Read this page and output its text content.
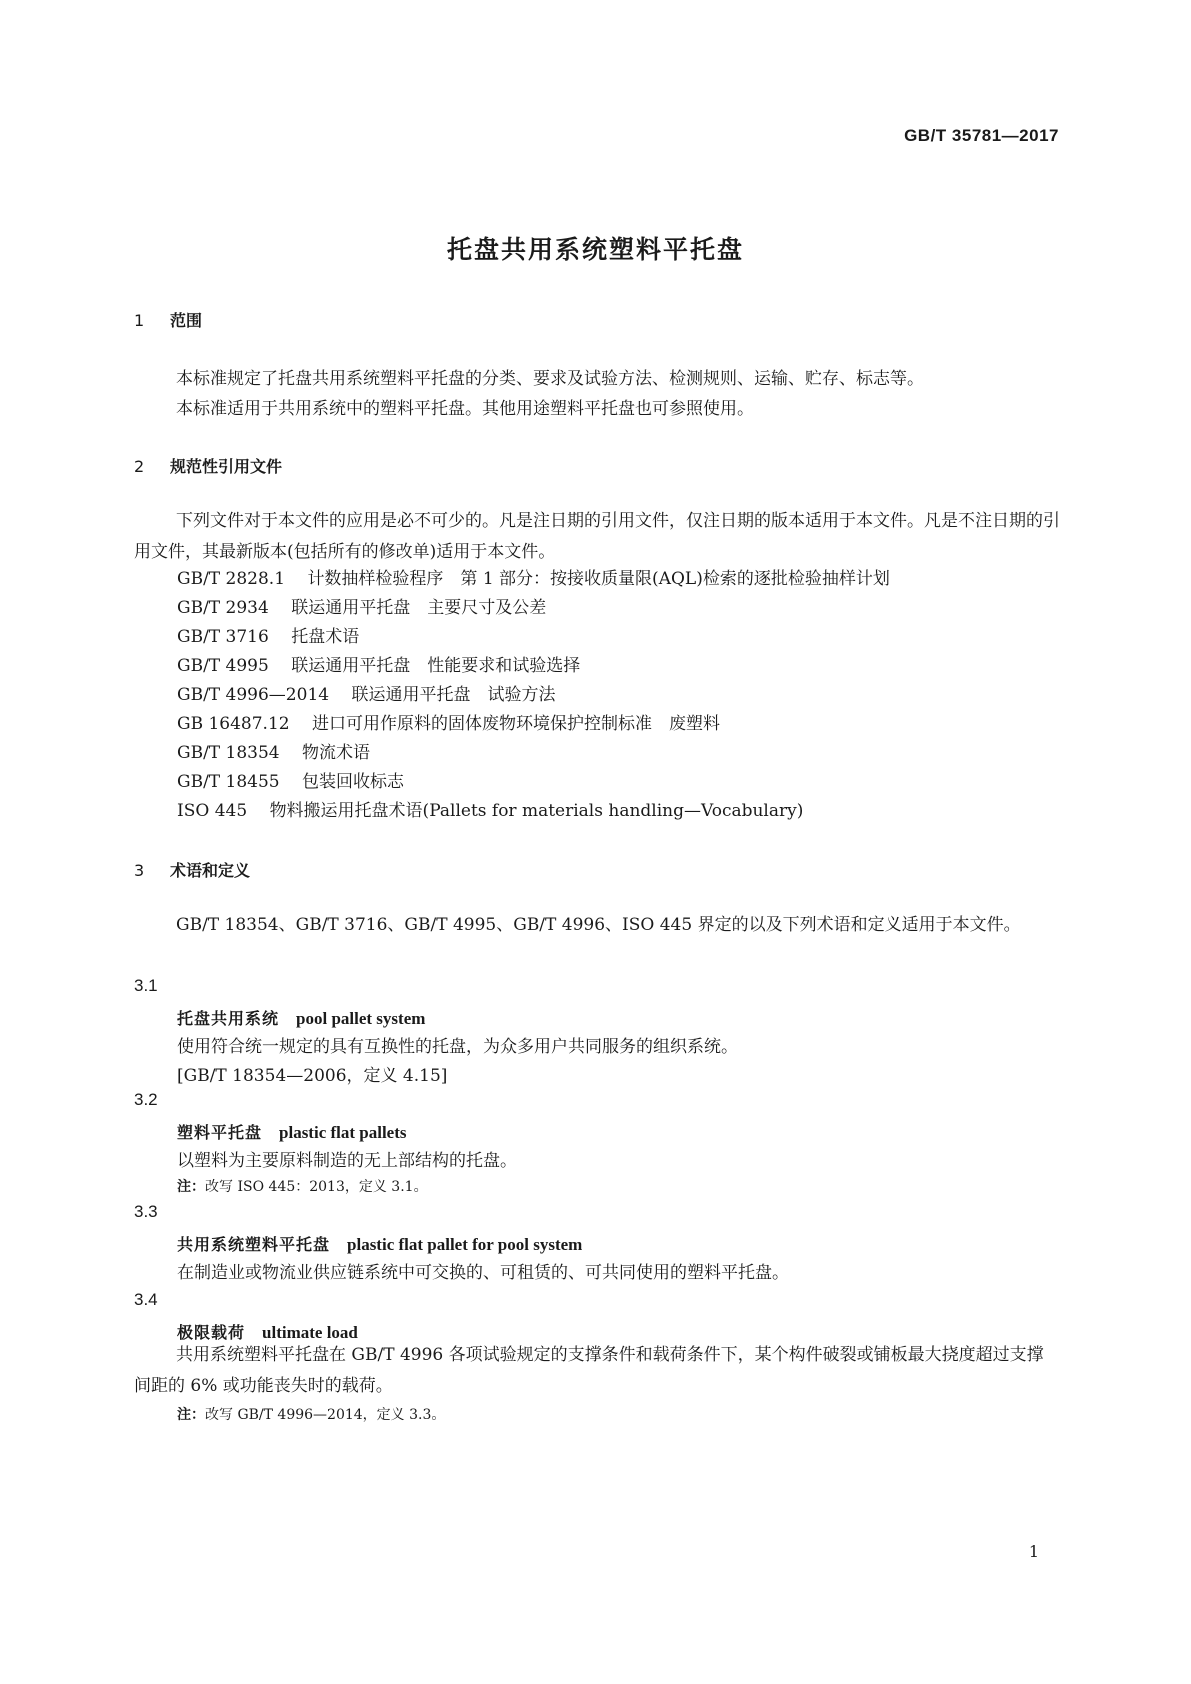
GB/T 35781—2017
托盘共用系统塑料平托盘
1 范围
本标准规定了托盘共用系统塑料平托盘的分类、要求及试验方法、检测规则、运输、贮存、标志等。
本标准适用于共用系统中的塑料平托盘。其他用途塑料平托盘也可参照使用。
2 规范性引用文件
下列文件对于本文件的应用是必不可少的。凡是注日期的引用文件，仅注日期的版本适用于本文件。凡是不注日期的引用文件，其最新版本(包括所有的修改单)适用于本文件。
GB/T 2828.1　 计数抽样检验程序　第 1 部分：按接收质量限(AQL)检索的逐批检验抽样计划
GB/T 2934　 联运通用平托盘　主要尺寸及公差
GB/T 3716　 托盘术语
GB/T 4995　 联运通用平托盘　性能要求和试验选择
GB/T 4996—2014　 联运通用平托盘　试验方法
GB 16487.12　 进口可用作原料的固体废物环境保护控制标准　废塑料
GB/T 18354　 物流术语
GB/T 18455　 包装回收标志
ISO 445　 物料搬运用托盘术语(Pallets for materials handling—Vocabulary)
3 术语和定义
GB/T 18354、GB/T 3716、GB/T 4995、GB/T 4996、ISO 445 界定的以及下列术语和定义适用于本文件。
3.1
托盘共用系统　 pool pallet system
使用符合统一规定的具有互换性的托盘，为众多用户共同服务的组织系统。
[GB/T 18354—2006，定义 4.15]
3.2
塑料平托盘　 plastic flat pallets
以塑料为主要原料制造的无上部结构的托盘。
注：改写 ISO 445：2013，定义 3.1。
3.3
共用系统塑料平托盘　 plastic flat pallet for pool system
在制造业或物流业供应链系统中可交换的、可租赁的、可共同使用的塑料平托盘。
3.4
极限载荷　 ultimate load
共用系统塑料平托盘在 GB/T 4996 各项试验规定的支撑条件和载荷条件下，某个构件破裂或铺板最大挠度超过支撑间距的 6% 或功能丧失时的载荷。
注：改写 GB/T 4996—2014，定义 3.3。
1
